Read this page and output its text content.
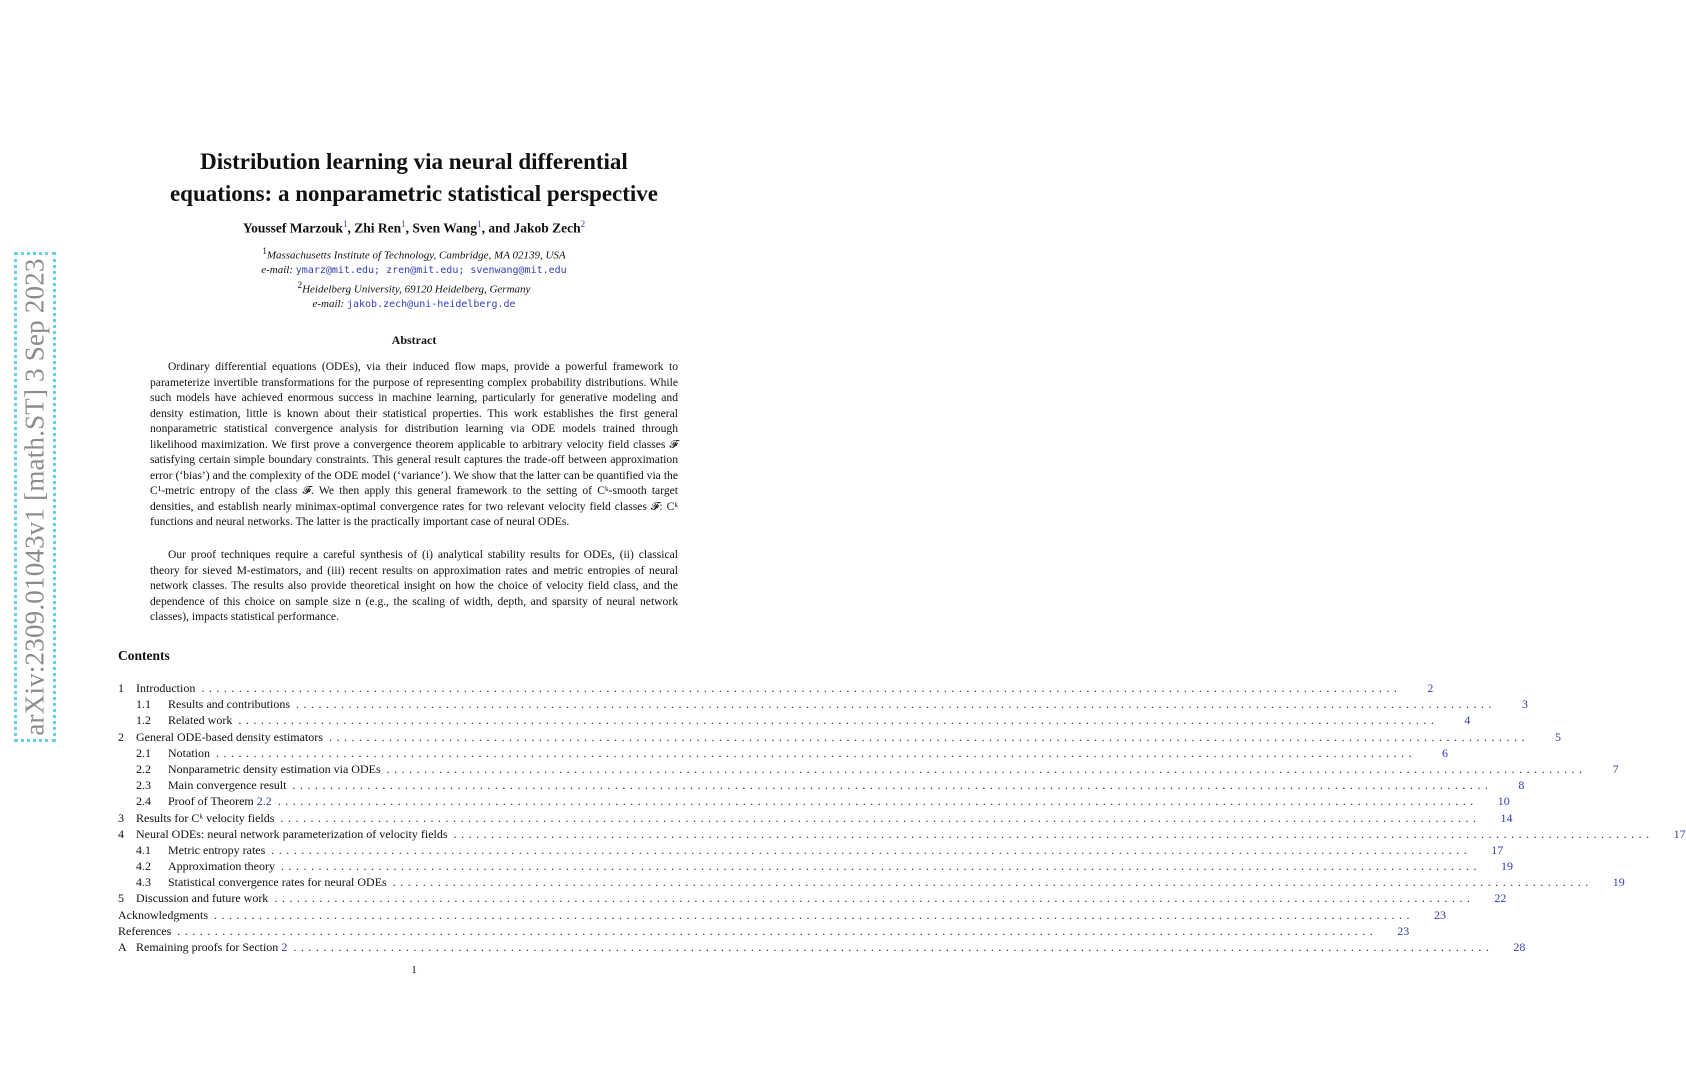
arXiv:2309.01043v1 [math.ST] 3 Sep 2023
Distribution learning via neural differential
equations: a nonparametric statistical perspective
Youssef Marzouk$^1$, Zhi Ren$^1$, Sven Wang$^1$, and Jakob Zech$^2$
$^1$Massachusetts Institute of Technology, Cambridge, MA 02139, USA
e-mail: ymarz@mit.edu; zren@mit.edu; svenwang@mit.edu
$^2$Heidelberg University, 69120 Heidelberg, Germany
e-mail: jakob.zech@uni-heidelberg.de
Abstract
Ordinary differential equations (ODEs), via their induced flow maps, provide a powerful framework to parameterize invertible transformations for the purpose of representing complex probability distributions. While such models have achieved enormous success in machine learning, particularly for generative modeling and density estimation, little is known about their statistical properties. This work establishes the first general nonparametric statistical convergence analysis for distribution learning via ODE models trained through likelihood maximization. We first prove a convergence theorem applicable to arbitrary velocity field classes 𝓕 satisfying certain simple boundary constraints. This general result captures the trade-off between approximation error (‘bias’) and the complexity of the ODE model (‘variance’). We show that the latter can be quantified via the C¹-metric entropy of the class 𝓕. We then apply this general framework to the setting of Cᵏ-smooth target densities, and establish nearly minimax-optimal convergence rates for two relevant velocity field classes 𝓕: Cᵏ functions and neural networks. The latter is the practically important case of neural ODEs.
Our proof techniques require a careful synthesis of (i) analytical stability results for ODEs, (ii) classical theory for sieved M-estimators, and (iii) recent results on approximation rates and metric entropies of neural network classes. The results also provide theoretical insight on how the choice of velocity field class, and the dependence of this choice on sample size n (e.g., the scaling of width, depth, and sparsity of neural network classes), impacts statistical performance.
Contents
1	Introduction ................................................................................................................................................................	2
1.1	Results and contributions ................................................................................................................................................................	3
1.2	Related work ................................................................................................................................................................	4
2	General ODE-based density estimators ................................................................................................................................................................	5
2.1	Notation ................................................................................................................................................................	6
2.2	Nonparametric density estimation via ODEs ................................................................................................................................................................	7
2.3	Main convergence result ................................................................................................................................................................	8
2.4	Proof of Theorem 2.2 ................................................................................................................................................................	10
3	Results for Cᵏ velocity fields ................................................................................................................................................................	14
4	Neural ODEs: neural network parameterization of velocity fields ................................................................................................................................................................	17
4.1	Metric entropy rates ................................................................................................................................................................	17
4.2	Approximation theory ................................................................................................................................................................	19
4.3	Statistical convergence rates for neural ODEs ................................................................................................................................................................	19
5	Discussion and future work ................................................................................................................................................................	22
Acknowledgments ................................................................................................................................................................	23
References ................................................................................................................................................................	23
A Remaining proofs for Section 2 ................................................................................................................................................................	28
1
